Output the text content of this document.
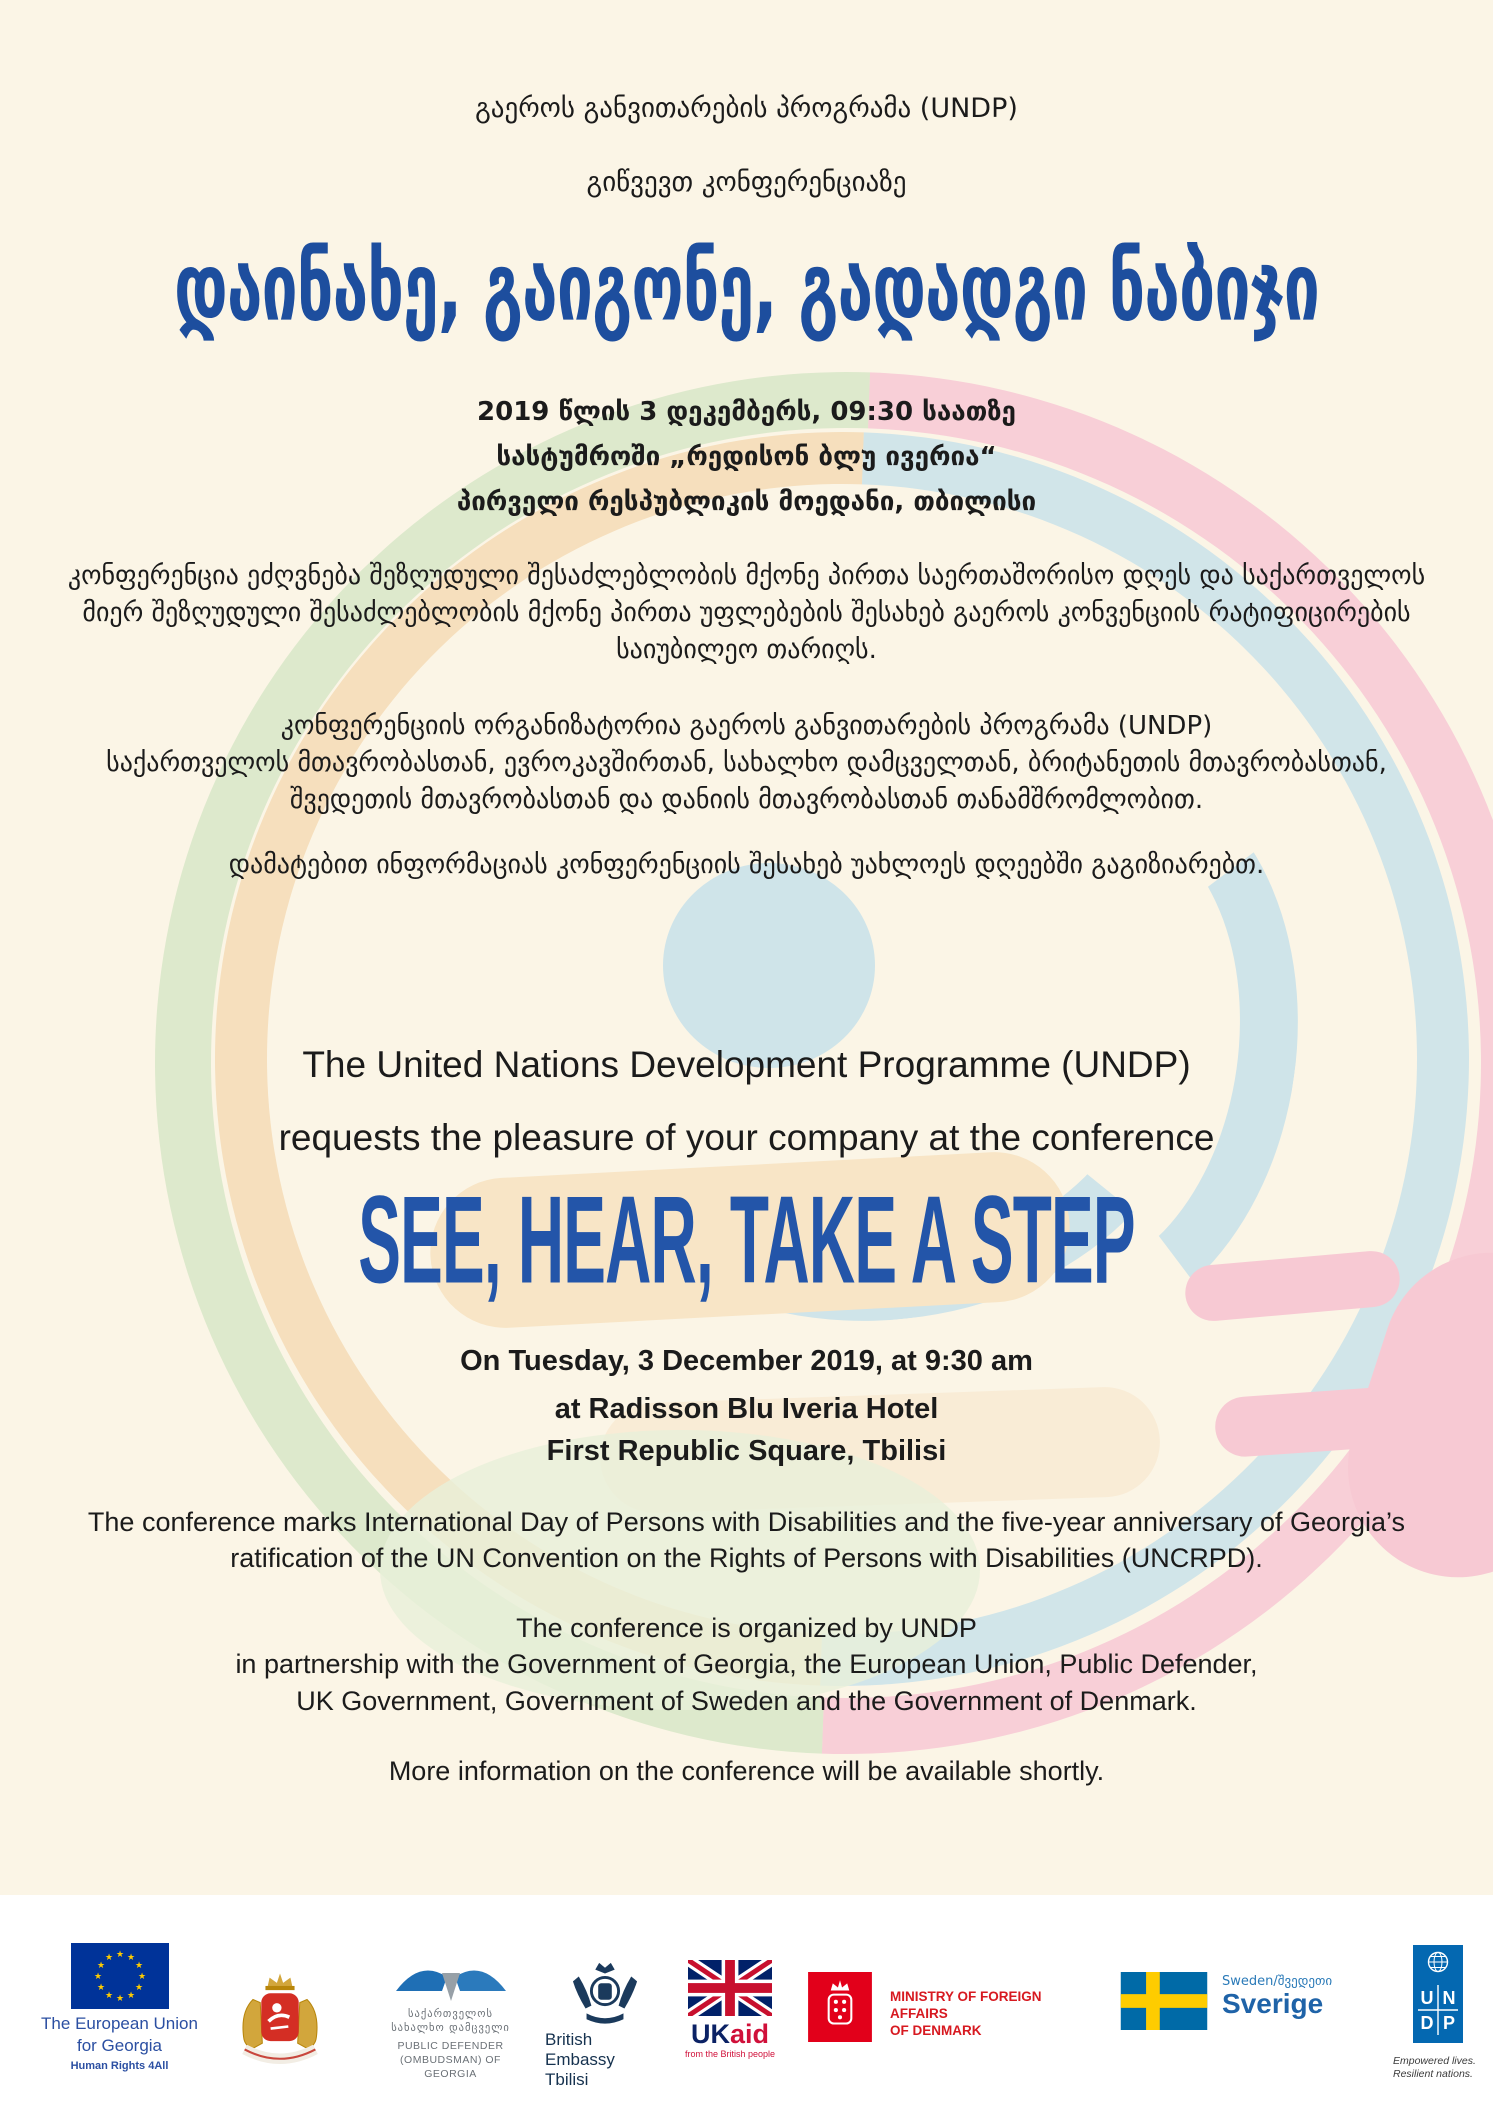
გაეროს განვითარების პროგრამა (UNDP)
გიწვევთ კონფერენციაზე
დაინახე, გაიგონე, გადადგი ნაბიჯი
2019 წლის 3 დეკემბერს, 09:30 საათზე
სასტუმროში „რედისონ ბლუ ივერია“
პირველი რესპუბლიკის მოედანი, თბილისი
კონფერენცია ეძღვნება შეზღუდული შესაძლებლობის მქონე პირთა საერთაშორისო დღეს და საქართველოს
მიერ შეზღუდული შესაძლებლობის მქონე პირთა უფლებების შესახებ გაეროს კონვენციის რატიფიცირების
საიუბილეო თარიღს.
კონფერენციის ორგანიზატორია გაეროს განვითარების პროგრამა (UNDP)
საქართველოს მთავრობასთან, ევროკავშირთან, სახალხო დამცველთან, ბრიტანეთის მთავრობასთან,
შვედეთის მთავრობასთან და დანიის მთავრობასთან თანამშრომლობით.
დამატებით ინფორმაციას კონფერენციის შესახებ უახლოეს დღეებში გაგიზიარებთ.
The United Nations Development Programme (UNDP)
requests the pleasure of your company at the conference
SEE, HEAR, TAKE A STEP
On Tuesday, 3 December 2019, at 9:30 am
at Radisson Blu Iveria Hotel
First Republic Square, Tbilisi
The conference marks International Day of Persons with Disabilities and the five-year anniversary of Georgia’s
ratification of the UN Convention on the Rights of Persons with Disabilities (UNCRPD).
The conference is organized by UNDP
in partnership with the Government of Georgia, the European Union, Public Defender,
UK Government, Government of Sweden and the Government of Denmark.
More information on the conference will be available shortly.
★ ★
★
★
★
★
★
★
★
★
★
★
The European Union
for Georgia
Human Rights 4All
საქართველოს
სახალხო დამცველი
PUBLIC DEFENDER
(OMBUDSMAN) OF GEORGIA

British Embassy
Tbilisi
UKaid
from the British people
MINISTRY OF FOREIGN AFFAIRS
OF DENMARK
Sweden/შვედეთი
Sverige	U N
D P
Empowered lives.
Resilient nations.
